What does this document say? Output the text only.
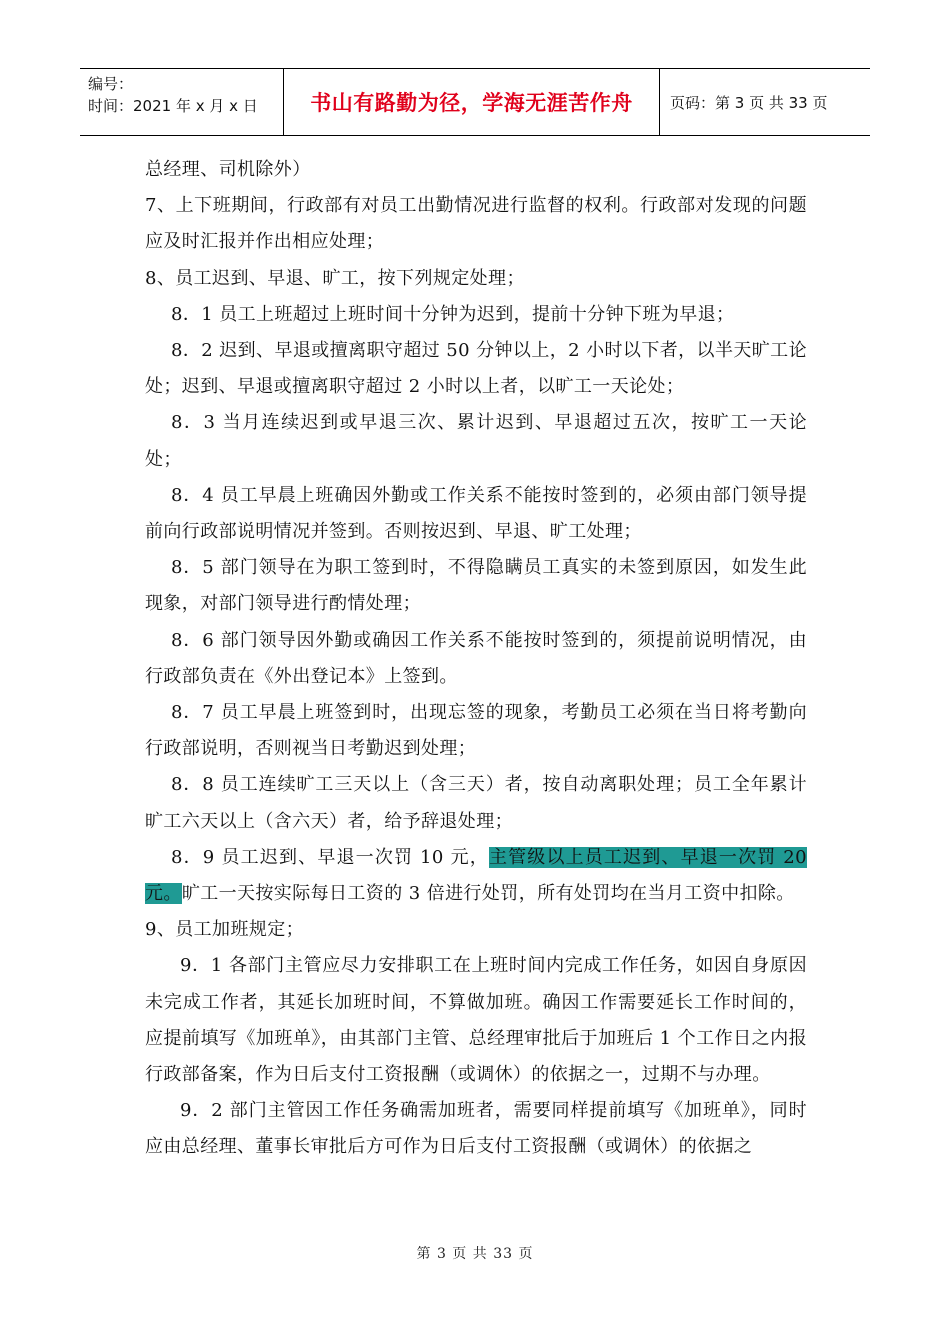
编号：
时间：2021 年 x 月 x 日	书山有路勤为径，学海无涯苦作舟	页码：第 3 页 共 33 页

总经理、司机除外）

7、上下班期间，行政部有对员工出勤情况进行监督的权利。行政部对发现的问题应及时汇报并作出相应处理；

8、员工迟到、早退、旷工，按下列规定处理；

8．1 员工上班超过上班时间十分钟为迟到，提前十分钟下班为早退；

8．2 迟到、早退或擅离职守超过 50 分钟以上，2 小时以下者，以半天旷工论处；迟到、早退或擅离职守超过 2 小时以上者，以旷工一天论处；

8．3 当月连续迟到或早退三次、累计迟到、早退超过五次，按旷工一天论处；

8．4 员工早晨上班确因外勤或工作关系不能按时签到的，必须由部门领导提前向行政部说明情况并签到。否则按迟到、早退、旷工处理；

8．5 部门领导在为职工签到时，不得隐瞒员工真实的未签到原因，如发生此现象，对部门领导进行酌情处理；

8．6 部门领导因外勤或确因工作关系不能按时签到的，须提前说明情况，由行政部负责在《外出登记本》上签到。

8．7 员工早晨上班签到时，出现忘签的现象，考勤员工必须在当日将考勤向行政部说明，否则视当日考勤迟到处理；

8．8 员工连续旷工三天以上（含三天）者，按自动离职处理；员工全年累计旷工六天以上（含六天）者，给予辞退处理；

8．9 员工迟到、早退一次罚 10 元，主管级以上员工迟到、早退一次罚 20 元。旷工一天按实际每日工资的 3 倍进行处罚，所有处罚均在当月工资中扣除。

9、员工加班规定；

9．1 各部门主管应尽力安排职工在上班时间内完成工作任务，如因自身原因未完成工作者，其延长加班时间，不算做加班。确因工作需要延长工作时间的，应提前填写《加班单》，由其部门主管、总经理审批后于加班后 1 个工作日之内报行政部备案，作为日后支付工资报酬（或调休）的依据之一，过期不与办理。

9．2 部门主管因工作任务确需加班者，需要同样提前填写《加班单》，同时应由总经理、董事长审批后方可作为日后支付工资报酬（或调休）的依据之

第 3 页 共 33 页
